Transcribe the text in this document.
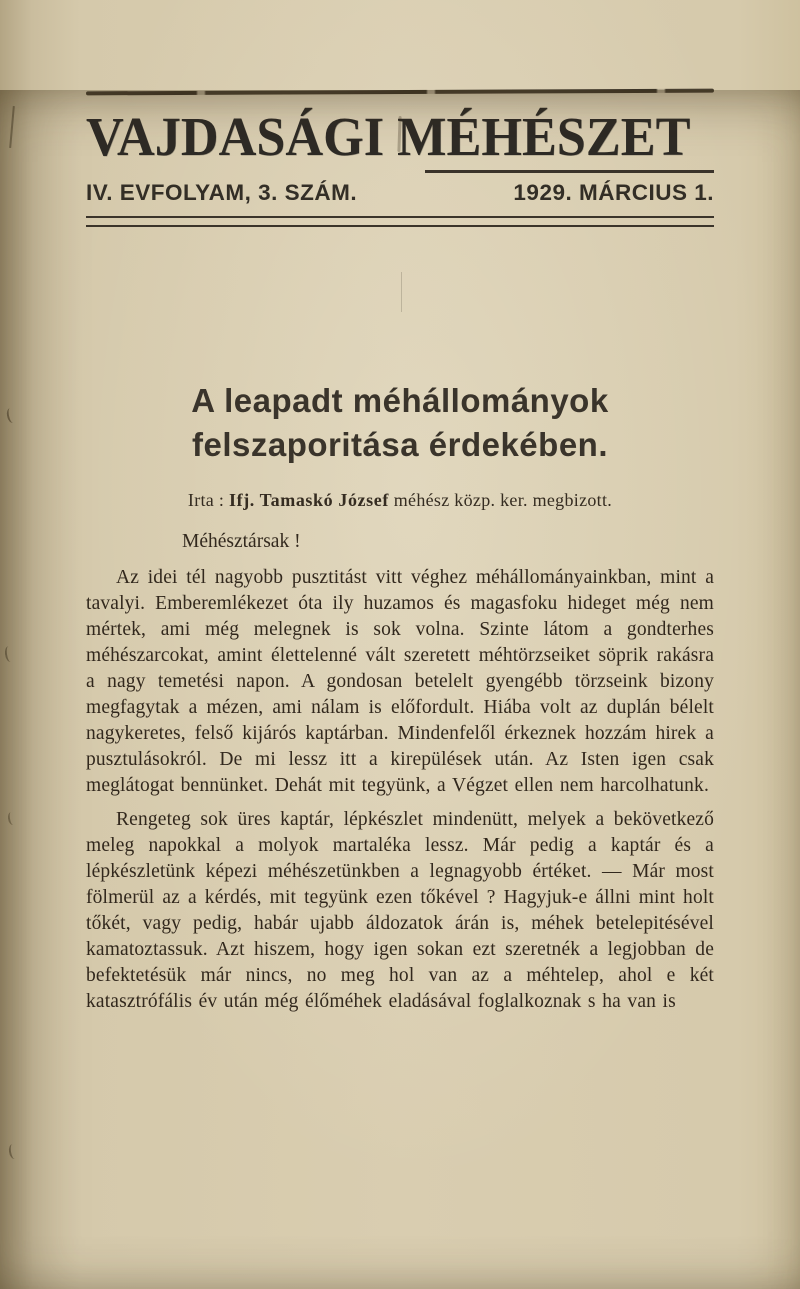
VAJDASÁGI MÉHÉSZET
IV. EVFOLYAM, 3. SZÁM.	1929. MÁRCIUS 1.
A leapadt méhállományok
felszaporitása érdekében.
Irta : Ifj. Tamaskó József méhész közp. ker. megbizott.
Méhésztársak !

Az idei tél nagyobb pusztitást vitt véghez méhállományainkban, mint a tavalyi. Emberemlékezet óta ily huzamos és magasfoku hideget még nem mértek, ami még melegnek is sok volna. Szinte látom a gondterhes méhészarcokat, amint élettelenné vált szeretett méhtörzseiket söprik rakásra a nagy temetési napon. A gondosan betelelt gyengébb törzseink bizony megfagytak a mézen, ami nálam is előfordult. Hiába volt az duplán bélelt nagykeretes, felső kijárós kaptárban. Mindenfelől érkeznek hozzám hirek a pusztulásokról. De mi lessz itt a kirepülések után. Az Isten igen csak meglátogat bennünket. Dehát mit tegyünk, a Végzet ellen nem harcolhatunk.

Rengeteg sok üres kaptár, lépkészlet mindenütt, melyek a bekövetkező meleg napokkal a molyok martaléka lessz. Már pedig a kaptár és a lépkészletünk képezi méhészetünkben a legnagyobb értéket. — Már most fölmerül az a kérdés, mit tegyünk ezen tőkével ? Hagyjuk-e állni mint holt tőkét, vagy pedig, habár ujabb áldozatok árán is, méhek betelepitésével kamatoztassuk. Azt hiszem, hogy igen sokan ezt szeretnék a legjobban de befektetésük már nincs, no meg hol van az a méhtelep, ahol e két katasztrófális év után még élőméhek eladásával foglalkoznak s ha van is
